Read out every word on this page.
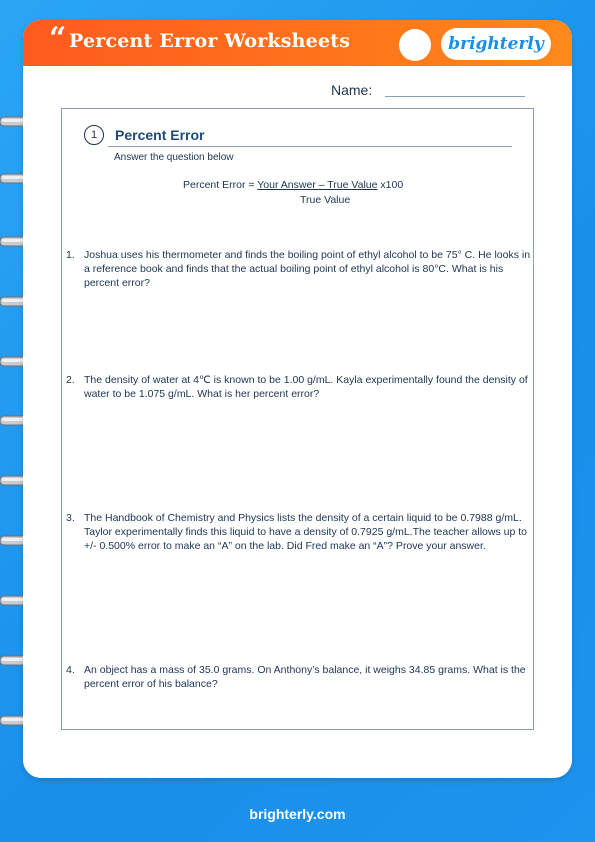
“ Percent Error Worksheets	brighterly
Name:
1	Percent Error
Answer the question below
Percent Error = Your Answer – True Value x100
True Value
1. Joshua uses his thermometer and finds the boiling point of ethyl alcohol to be 75° C. He looks in a reference book and finds that the actual boiling point of ethyl alcohol is 80°C. What is his percent error?
2. The density of water at 4℃ is known to be 1.00 g/mL. Kayla experimentally found the density of water to be 1.075 g/mL. What is her percent error?
3. The Handbook of Chemistry and Physics lists the density of a certain liquid to be 0.7988 g/mL. Taylor experimentally finds this liquid to have a density of 0.7925 g/mL.The teacher allows up to +/- 0.500% error to make an “A” on the lab. Did Fred make an “A”? Prove your answer.
4. An object has a mass of 35.0 grams. On Anthony’s balance, it weighs 34.85 grams. What is the percent error of his balance?
brighterly.com
